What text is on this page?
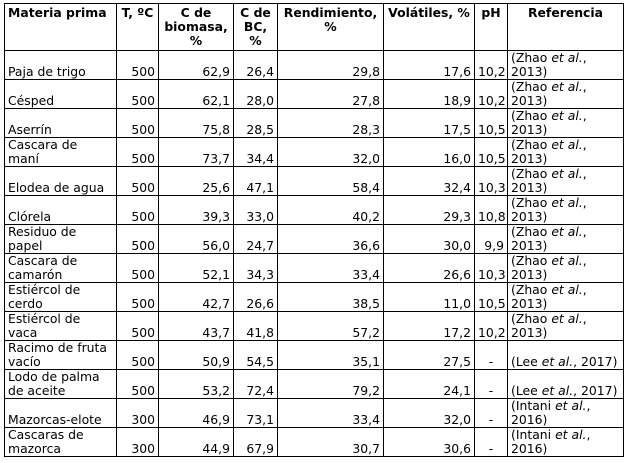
Materia prima	T, ºC	C de biomasa, %	C de BC, %	Rendimiento, %	Volátiles, %	pH	Referencia
Paja de trigo	500	62,9	26,4	29,8	17,6	10,2	(Zhao et al.,
2013)

Césped	500	62,1	28,0	27,8	18,9	10,2	(Zhao et al.,
2013)

Aserrín	500	75,8	28,5	28,3	17,5	10,5	(Zhao et al.,
2013)

Cascara de
maní	500	73,7	34,4	32,0	16,0	10,5	(Zhao et al.,
2013)

Elodea de agua	500	25,6	47,1	58,4	32,4	10,3	(Zhao et al.,
2013)

Clórela	500	39,3	33,0	40,2	29,3	10,8	(Zhao et al.,
2013)

Residuo de
papel	500	56,0	24,7	36,6	30,0	9,9	(Zhao et al.,
2013)

Cascara de
camarón	500	52,1	34,3	33,4	26,6	10,3	(Zhao et al.,
2013)

Estiércol de
cerdo	500	42,7	26,6	38,5	11,0	10,5	(Zhao et al.,
2013)

Estiércol de
vaca	500	43,7	41,8	57,2	17,2	10,2	(Zhao et al.,
2013)

Racimo de fruta
vacío	500	50,9	54,5	35,1	27,5	-	(Lee et al., 2017)

Lodo de palma
de aceite	500	53,2	72,4	79,2	24,1	-	(Lee et al., 2017)

Mazorcas-elote	300	46,9	73,1	33,4	32,0	-	(Intani et al.,
2016)

Cascaras de
mazorca	300	44,9	67,9	30,7	30,6	-	(Intani et al.,
2016)
